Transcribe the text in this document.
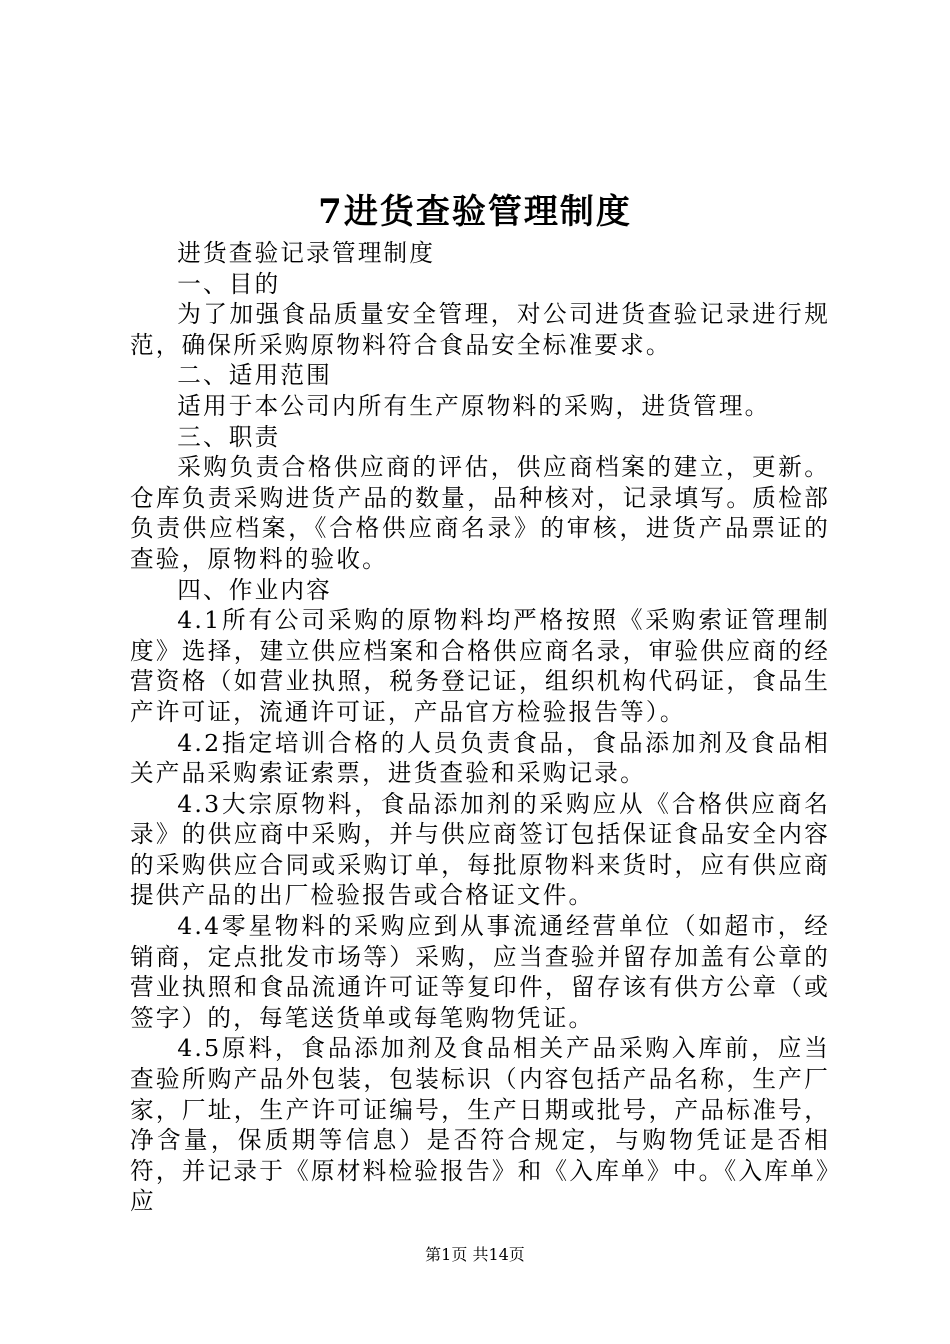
7进货查验管理制度

进货查验记录管理制度

一、目的

为了加强食品质量安全管理，对公司进货查验记录进行规范，确保所采购原物料符合食品安全标准要求。

二、适用范围

适用于本公司内所有生产原物料的采购，进货管理。

三、职责

采购负责合格供应商的评估，供应商档案的建立，更新。仓库负责采购进货产品的数量，品种核对，记录填写。质检部负责供应档案，《合格供应商名录》的审核，进货产品票证的查验，原物料的验收。

四、作业内容

4.1所有公司采购的原物料均严格按照《采购索证管理制度》选择，建立供应档案和合格供应商名录，审验供应商的经营资格（如营业执照，税务登记证，组织机构代码证，食品生产许可证，流通许可证，产品官方检验报告等）。

4.2指定培训合格的人员负责食品，食品添加剂及食品相关产品采购索证索票，进货查验和采购记录。

4.3大宗原物料，食品添加剂的采购应从《合格供应商名录》的供应商中采购，并与供应商签订包括保证食品安全内容的采购供应合同或采购订单，每批原物料来货时，应有供应商提供产品的出厂检验报告或合格证文件。

4.4零星物料的采购应到从事流通经营单位（如超市，经销商，定点批发市场等）采购，应当查验并留存加盖有公章的营业执照和食品流通许可证等复印件，留存该有供方公章（或签字）的，每笔送货单或每笔购物凭证。

4.5原料，食品添加剂及食品相关产品采购入库前，应当查验所购产品外包装，包装标识（内容包括产品名称，生产厂家，厂址，生产许可证编号，生产日期或批号，产品标准号，净含量，保质期等信息）是否符合规定，与购物凭证是否相符，并记录于《原材料检验报告》和《入库单》中。《入库单》应

第1页 共14页
